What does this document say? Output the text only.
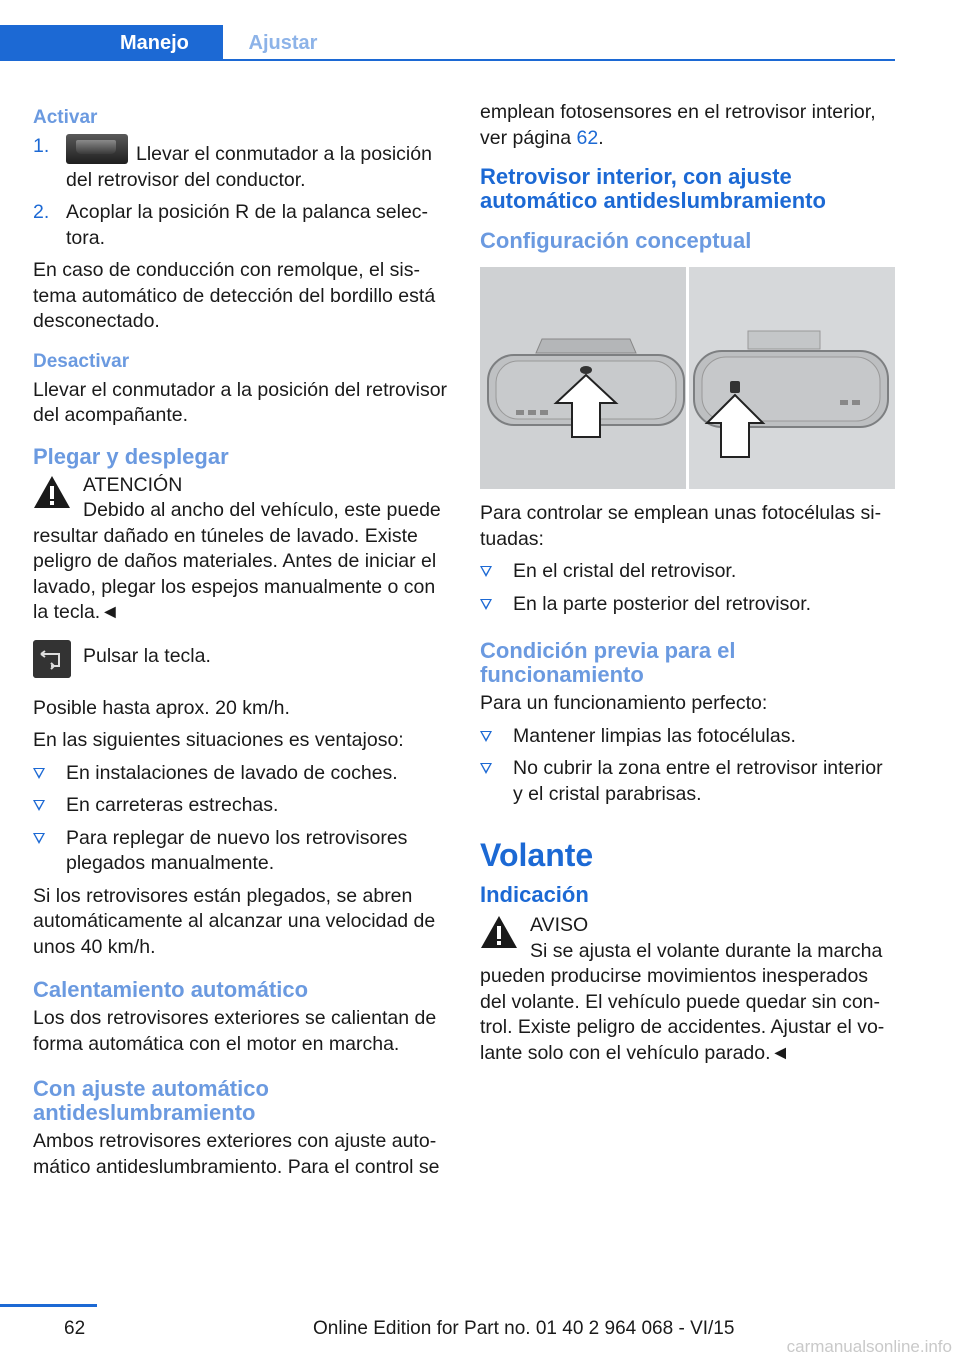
Manejo	Ajustar
Activar
1.	Llevar el conmutador a la posición del retrovisor del conductor.
2. Acoplar la posición R de la palanca selectora.
En caso de conducción con remolque, el sistema automático de detección del bordillo está desconectado.
Desactivar
Llevar el conmutador a la posición del retrovisor del acompañante.
Plegar y desplegar
ATENCIÓN
Debido al ancho del vehículo, este puede
resultar dañado en túneles de lavado. Existe peligro de daños materiales. Antes de iniciar el lavado, plegar los espejos manualmente o con la tecla.◄
Pulsar la tecla.
Posible hasta aprox. 20 km/h.
En las siguientes situaciones es ventajoso:
En instalaciones de lavado de coches.
En carreteras estrechas.
Para replegar de nuevo los retrovisores plegados manualmente.
Si los retrovisores están plegados, se abren automáticamente al alcanzar una velocidad de unos 40 km/h.
Calentamiento automático
Los dos retrovisores exteriores se calientan de forma automática con el motor en marcha.
Con ajuste automático antideslumbramiento
Ambos retrovisores exteriores con ajuste automático antideslumbramiento. Para el control se
emplean fotosensores en el retrovisor interior, ver página 62.
Retrovisor interior, con ajuste automático antideslumbramiento
Configuración conceptual
Para controlar se emplean unas fotocélulas situadas:
En el cristal del retrovisor.
En la parte posterior del retrovisor.
Condición previa para el funcionamiento
Para un funcionamiento perfecto:
Mantener limpias las fotocélulas.
No cubrir la zona entre el retrovisor interior y el cristal parabrisas.
Volante
Indicación
AVISO
Si se ajusta el volante durante la marcha
pueden producirse movimientos inesperados del volante. El vehículo puede quedar sin control. Existe peligro de accidentes. Ajustar el volante solo con el vehículo parado.◄
62	Online Edition for Part no. 01 40 2 964 068 - VI/15
carmanualsonline.info
